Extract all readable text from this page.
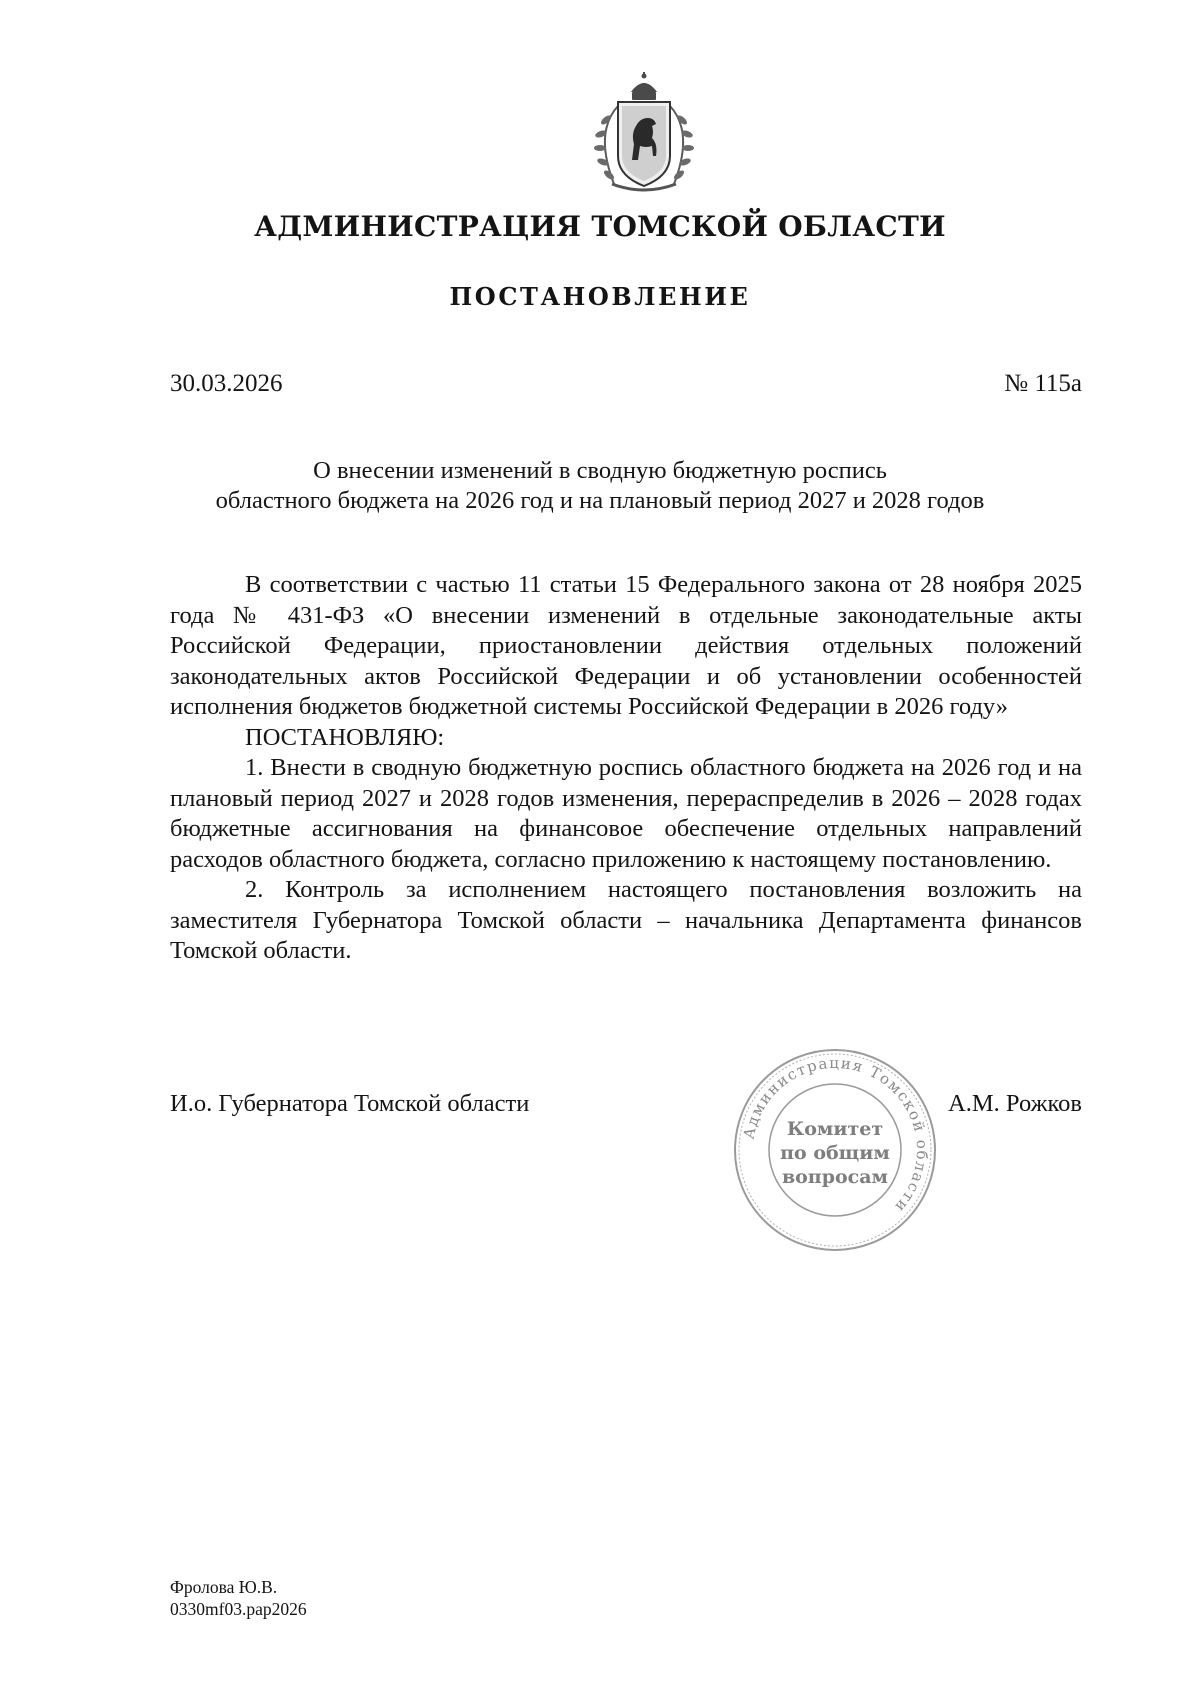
АДМИНИСТРАЦИЯ ТОМСКОЙ ОБЛАСТИ
ПОСТАНОВЛЕНИЕ
30.03.2026	№ 115а
О внесении изменений в сводную бюджетную роспись
областного бюджета на 2026 год и на плановый период 2027 и 2028 годов

В соответствии с частью 11 статьи 15 Федерального закона от 28 ноября 2025 года № 431-ФЗ «О внесении изменений в отдельные законодательные акты Российской Федерации, приостановлении действия отдельных положений законодательных актов Российской Федерации и об установлении особенностей исполнения бюджетов бюджетной системы Российской Федерации в 2026 году»

ПОСТАНОВЛЯЮ:

1. Внести в сводную бюджетную роспись областного бюджета на 2026 год и на плановый период 2027 и 2028 годов изменения, перераспределив в 2026 – 2028 годах бюджетные ассигнования на финансовое обеспечение отдельных направлений расходов областного бюджета, согласно приложению к настоящему постановлению.

2. Контроль за исполнением настоящего постановления возложить на заместителя Губернатора Томской области – начальника Департамента финансов Томской области.

И.о. Губернатора Томской области	А.М. Рожков
Администрация Томской области
Комитет
по общим
вопросам
Фролова Ю.В.
0330mf03.pap2026
